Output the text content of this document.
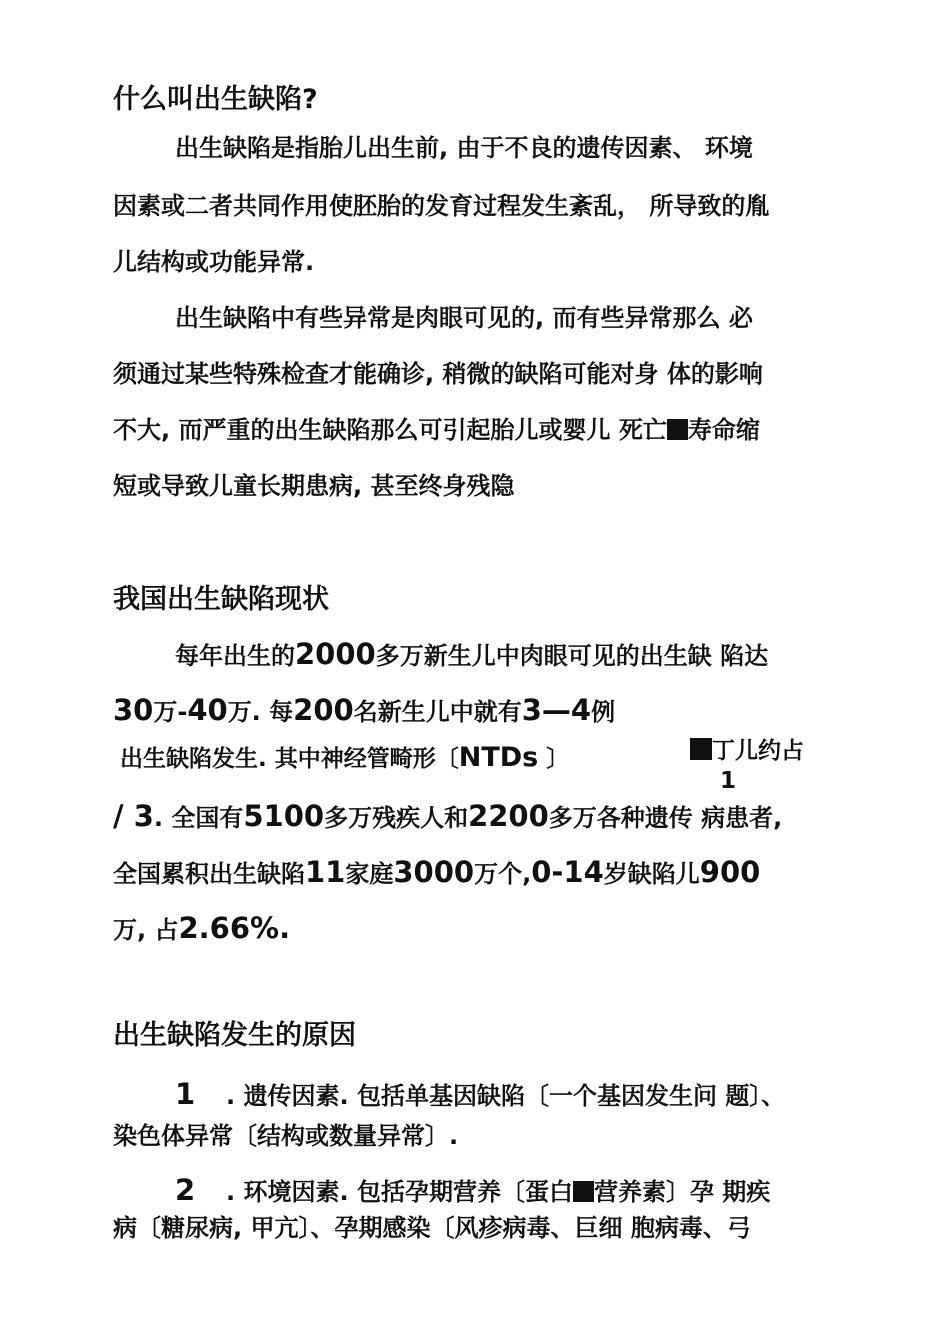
什么叫出生缺陷?
出生缺陷是指胎儿出生前, 由于不良的遗传因素、 环境
因素或二者共同作用使胚胎的发育过程发生紊乱， 所导致的胤
儿结构或功能异常.
出生缺陷中有些异常是肉眼可见的, 而有些异常那么 必
须通过某些特殊检查才能确诊, 稍微的缺陷可能对身 体的影响
不大, 而严重的出生缺陷那么可引起胎儿或婴儿 死亡 寿命缩
短或导致儿童长期患病, 甚至终身残隐
我国出生缺陷现状
每年出生的2000多万新生儿中肉眼可见的出生缺 陷达
30万-40万. 每200名新生儿中就有3—4例
出生缺陷发生. 其中神经管畸形〔NTDs 〕	丁儿约占
1
/ 3. 全国有5100多万残疾人和2200多万各种遗传 病患者,
全国累积出生缺陷11家庭3000万个,0-14岁缺陷儿900
万, 占2.66%.
出生缺陷发生的原因
1 . 遗传因素. 包括单基因缺陷〔一个基因发生问 题〕、
染色体异常〔结构或数量异常〕.
2 . 环境因素. 包括孕期营养〔蛋白 营养素〕孕 期疾
病〔糖尿病, 甲亢〕、孕期感染〔风疹病毒、巨细 胞病毒、弓
